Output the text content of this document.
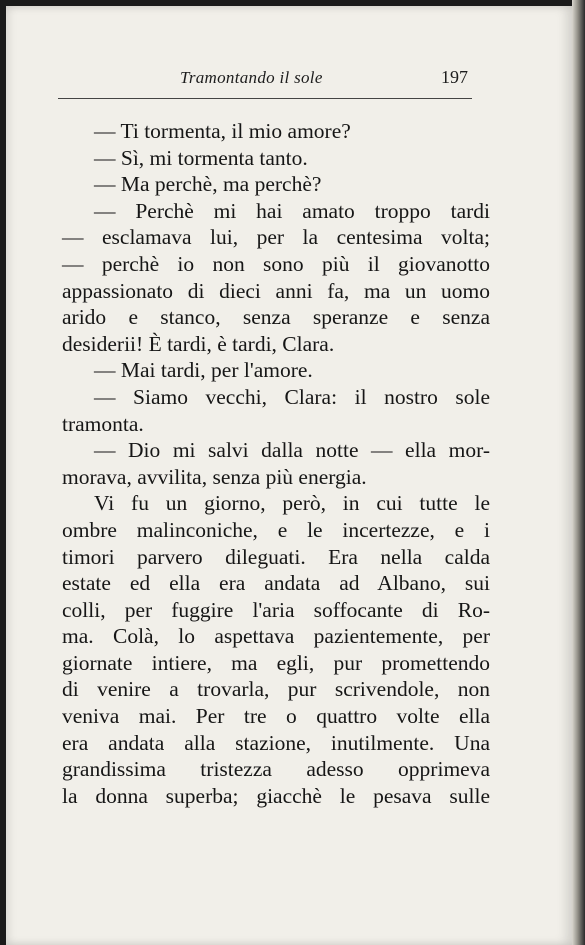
Tramontando il sole	197
— Ti tormenta, il mio amore?
— Sì, mi tormenta tanto.
— Ma perchè, ma perchè?
— Perchè mi hai amato troppo tardi
— esclamava lui, per la centesima volta;
— perchè io non sono più il giovanotto
appassionato di dieci anni fa, ma un uomo
arido e stanco, senza speranze e senza
desiderii! È tardi, è tardi, Clara.
— Mai tardi, per l'amore.
— Siamo vecchi, Clara: il nostro sole
tramonta.
— Dio mi salvi dalla notte — ella mor-
morava, avvilita, senza più energia.
Vi fu un giorno, però, in cui tutte le
ombre malinconiche, e le incertezze, e i
timori parvero dileguati. Era nella calda
estate ed ella era andata ad Albano, sui
colli, per fuggire l'aria soffocante di Ro-
ma. Colà, lo aspettava pazientemente, per
giornate intiere, ma egli, pur promettendo
di venire a trovarla, pur scrivendole, non
veniva mai. Per tre o quattro volte ella
era andata alla stazione, inutilmente. Una
grandissima tristezza adesso opprimeva
la donna superba; giacchè le pesava sulle
